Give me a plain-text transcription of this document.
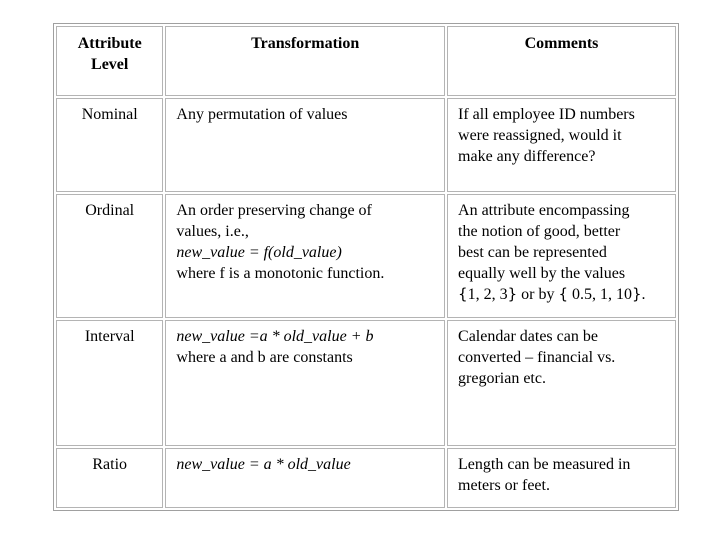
Attribute
Level	Transformation	Comments
Nominal	Any permutation of values	If all employee ID numbers
were reassigned, would it
make any difference?

Ordinal	An order preserving change of
values, i.e.,
new_value = f(old_value)
where f is a monotonic function.	An attribute encompassing
the notion of good, better
best can be represented
equally well by the values
{1, 2, 3} or by { 0.5, 1, 10}.

Interval	new_value =a * old_value + b
where a and b are constants	Calendar dates can be
converted – financial vs.
gregorian etc.

Ratio	new_value = a * old_value	Length can be measured in
meters or feet.
